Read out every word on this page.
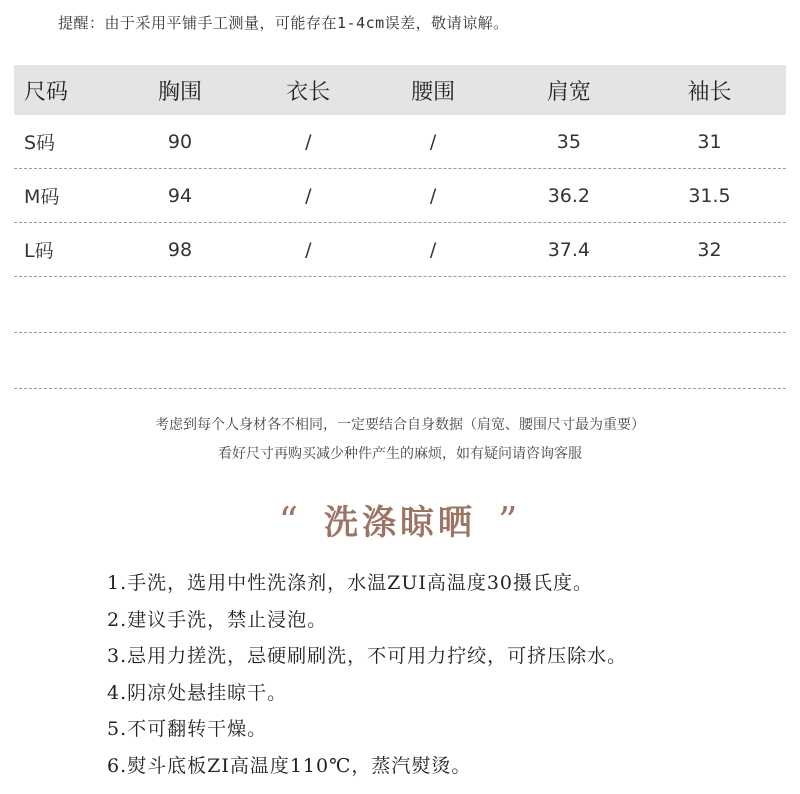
提醒：由于采用平铺手工测量，可能存在1-4cm误差，敬请谅解。
尺码	胸围	衣长	腰围	肩宽	袖长
S码	90	/	/	35	31
M码	94	/	/	36.2	31.5
L码	98	/	/	37.4	32
考虑到每个人身材各不相同，一定要结合自身数据（肩宽、腰围尺寸最为重要）
看好尺寸再购买减少种件产生的麻烦，如有疑问请咨询客服
“ 洗涤晾晒 ”
1.手洗，选用中性洗涤剂，水温ZUI高温度30摄氏度。
2.建议手洗，禁止浸泡。
3.忌用力搓洗，忌硬刷刷洗，不可用力拧绞，可挤压除水。
4.阴凉处悬挂晾干。
5.不可翻转干燥。
6.熨斗底板ZI高温度110℃，蒸汽熨烫。
